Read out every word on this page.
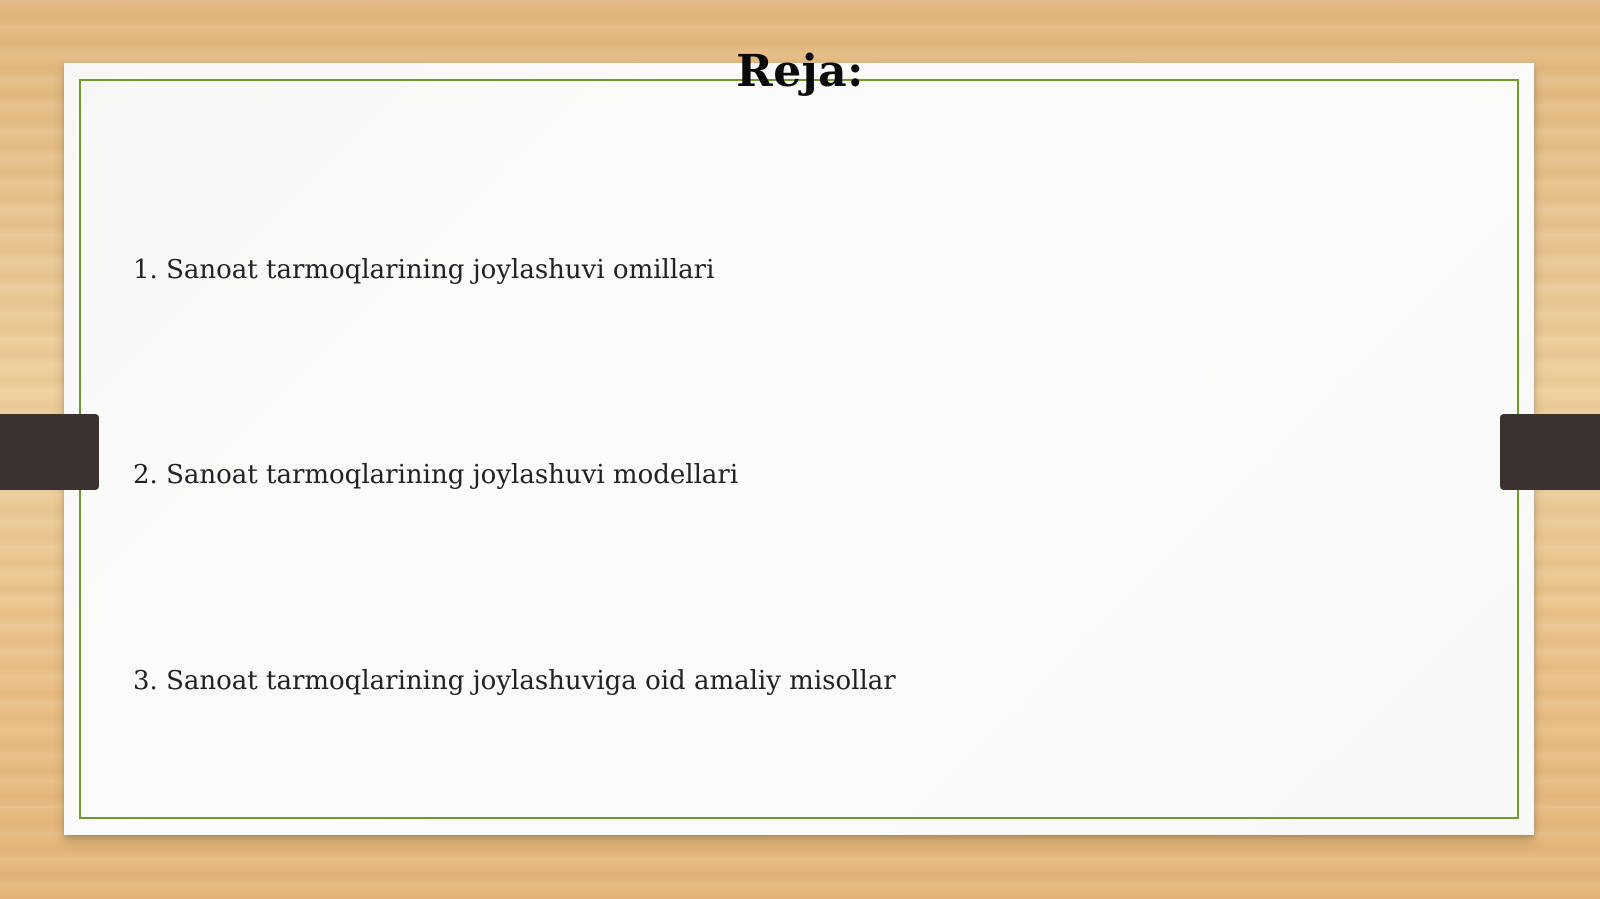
Reja:
1. Sanoat tarmoqlarining joylashuvi omillari
2. Sanoat tarmoqlarining joylashuvi modellari
3. Sanoat tarmoqlarining joylashuviga oid amaliy misollar
